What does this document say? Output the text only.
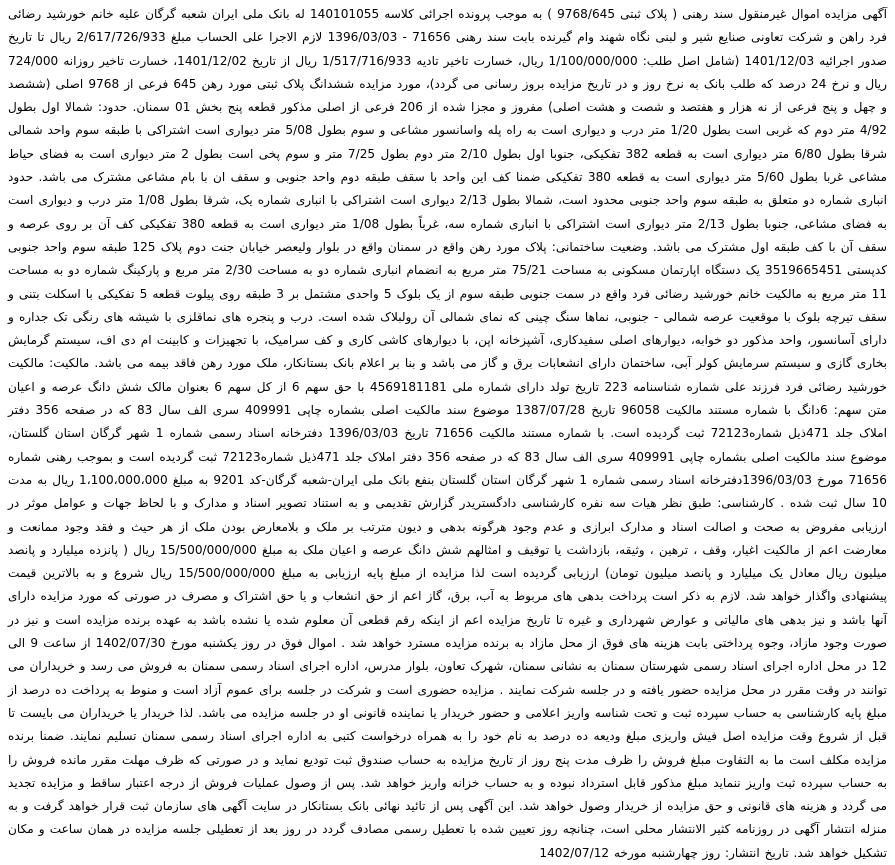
آگهی مزایده اموال غیرمنقول سند رهنی ( پلاک ثبتی 9768/645 ) به موجب پرونده اجرائی کلاسه 140101055 له بانک ملی ایران شعبه گرگان علیه خانم خورشید رضائی فرد راهن و شرکت تعاونی صنایع شیر و لبنی نگاه شهند وام گیرنده بابت سند رهنی 71656 - 1396/03/03 لازم الاجرا علی الحساب مبلغ 2/617/726/933 ریال تا تاریخ صدور اجرائیه 1401/12/03 (شامل اصل طلب: 1/100/000/000 ریال، خسارت تاخیر تادیه 1/517/716/933 ریال از تاریخ 1401/12/02، خسارت تاخیر روزانه 724/000 ریال و نرخ 24 درصد که طلب بانک به نرخ روز و در تاریخ مزایده بروز رسانی می گردد)، مورد مزایده ششدانگ پلاک ثبتی مورد رهن 645 فرعی از 9768 اصلی (ششصد و چهل و پنج فرعی از نه هزار و هفتصد و شصت و هشت اصلی) مفروز و مجزا شده از 206 فرعی از اصلی مذکور قطعه پنج بخش 01 سمنان. حدود: شمالا اول بطول 4/92 متر دوم که غربی است بطول 1/20 متر درب و دیواری است به راه پله واسانسور مشاعی و سوم بطول 5/08 متر دیواری است اشتراکی با طبقه سوم واحد شمالی شرقا بطول 6/80 متر دیواری است به قطعه 382 تفکیکی، جنوبا اول بطول 2/10 متر دوم بطول 7/25 متر و سوم پخی است بطول 2 متر دیواری است به فضای حیاط مشاعی غربا بطول 5/60 متر دیواری است به قطعه 380 تفکیکی ضمنا کف این واحد با سقف طبقه دوم واحد جنوبی و سقف ان با بام مشاعی مشترک می باشد. حدود انباری شماره دو متعلق به طبقه سوم واحد جنوبی محدود است، شمالا بطول 2/13 دیواری است اشتراکی با انباری شماره یک، شرقا بطول 1/08 متر درب و دیواری است به فضای مشاعی، جنوبا بطول 2/13 متر دیواری است اشتراکی با انباری شماره سه، غرباً بطول 1/08 متر دیواری است به قطعه 380 تفکیکی کف آن بر روی عرصه و سقف آن با کف طبقه اول مشترک می باشد. وضعیت ساختمانی: پلاک مورد رهن واقع در سمنان واقع در بلوار ولیعصر خیابان جنت دوم پلاک 125 طبقه سوم واحد جنوبی کدپستی 3519665451 یک دستگاه اپارتمان مسکونی به مساحت 75/21 متر مربع به انضمام انباری شماره دو به مساحت 2/30 متر مربع و پارکینگ شماره دو به مساحت 11 متر مربع به مالکیت خانم خورشید رضائی فرد واقع در سمت جنوبی طبقه سوم از یک بلوک 5 واحدی مشتمل بر 3 طبقه روی پیلوت قطعه 5 تفکیکی با اسکلت بتنی و سقف تیرچه بلوک با موقعیت عرصه شمالی - جنوبی، نماها سنگ چینی که نمای شمالی آن رولبلاک شده است. درب و پنجره های نماقلزی با شیشه های رنگی تک جداره و دارای آسانسور، واحد مذکور دو خوابه، دیوارهای اصلی سفیدکاری، آشپزخانه اپن، با دیوارهای کاشی کاری و کف سرامیک، با تجهیزات و کابینت ام دی اف، سیستم گرمایش بخاری گازی و سیستم سرمایش کولر آبی، ساختمان دارای انشعابات برق و گاز می باشد و بنا بر اعلام بانک بستانکار، ملک مورد رهن فاقد بیمه می باشد. مالکیت: مالکیت خورشید رضائی فرد فرزند علی شماره شناسنامه 223 تاریخ تولد دارای شماره ملی 4569181181 با حق سهم 6 از کل سهم 6 بعنوان مالک شش دانگ عرصه و اعیان متن سهم: 6دانگ با شماره مستند مالکیت 96058 تاریخ 1387/07/28 موضوع سند مالکیت اصلی بشماره چاپی 409991 سری الف سال 83 که در صفحه 356 دفتر املاک جلد 471ذیل شماره72123 ثبت گردیده است. با شماره مستند مالکیت 71656 تاریخ 1396/03/03 دفترخانه اسناد رسمی شماره 1 شهر گرگان استان گلستان، موضوع سند مالکیت اصلی بشماره چاپی 409991 سری الف سال 83 که در صفحه 356 دفتر املاک جلد 471ذیل شماره72123 ثبت گردیده است و بموجب رهنی شماره 71656 مورخ 1396/03/03دفترخانه اسناد رسمی شماره 1 شهر گرگان استان گلستان بنفع بانک ملی ایران-شعبه گرگان-کد 9201 به مبلغ 1،100،000،000 ریال به مدت 10 سال ثبت شده . کارشناسی: طبق نظر هیات سه نفره کارشناسی دادگستریدر گزارش تقدیمی و به استناد تصویر اسناد و مدارک و با لحاظ جهات و عوامل موثر در ارزیابی مفروض به صحت و اصالت اسناد و مدارک ابرازی و عدم وجود هرگونه بدهی و دیون مترتب بر ملک و بلامعارض بودن ملک از هر حیث و فقد وجود ممانعت و معارضت اعم از مالکیت اغیار، وقف ، ترهین ، وثیقه، بازداشت یا توقیف و امثالهم شش دانگ عرصه و اعیان ملک به مبلغ 15/500/000/000 ریال ( پانزده میلیارد و پانصد میلیون ریال معادل یک میلیارد و پانصد میلیون تومان) ارزیابی گردیده است لذا مزایده از مبلغ پایه ارزیابی به مبلغ 15/500/000/000 ریال شروع و به بالاترین قیمت پیشنهادی واگذار خواهد شد. لازم به ذکر است پرداخت بدهی های مربوط به آب، برق، گاز اعم از حق انشعاب و یا حق اشتراک و مصرف در صورتی که مورد مزایده دارای آنها باشد و نیز بدهی های مالیاتی و عوارض شهرداری و غیره تا تاریخ مزایده اعم از اینکه رقم قطعی آن معلوم شده یا نشده باشد به عهده برنده مزایده است و نیز در صورت وجود مازاد، وجوه پرداختی بابت هزینه های فوق از محل مازاد به برنده مزایده مسترد خواهد شد . اموال فوق در روز یکشنبه مورخ 1402/07/30 از ساعت 9 الی 12 در محل اداره اجرای اسناد رسمی شهرستان سمنان به نشانی سمنان، شهرک تعاون، بلوار مدرس، اداره اجرای اسناد رسمی سمنان به فروش می رسد و خریداران می توانند در وقت مقرر در محل مزایده حضور یافته و در جلسه شرکت نمایند . مزایده حضوری است و شرکت در جلسه برای عموم آزاد است و منوط به پرداخت ده درصد از مبلغ پایه کارشناسی به حساب سپرده ثبت و تحت شناسه واریز اعلامی و حضور خریدار یا نماینده قانونی او در جلسه مزایده می باشد. لذا خریدار یا خریداران می بایست تا قبل از شروع وقت مزایده اصل فیش واریزی مبلغ ودیعه ده درصد به نام خود را به همراه درخواست کتبی به اداره اجرای اسناد رسمی سمنان تسلیم نمایند. ضمنا برنده مزایده مکلف است ما به التفاوت مبلغ فروش را ظرف مدت پنج روز از تاریخ مزایده به حساب صندوق ثبت تودیع نماید و در صورتی که ظرف مهلت مقرر مانده فروش را به حساب سپرده ثبت واریز ننماید مبلغ مذکور قابل استرداد نبوده و به حساب خزانه واریز خواهد شد. پس از وصول عملیات فروش از درجه اعتبار ساقط و مزایده تجدید می گردد و هزینه های قانونی و حق مزایده از خریدار وصول خواهد شد. این آگهی پس از تائید نهائی بانک بستانکار در سایت آگهی های سازمان ثبت قرار خواهد گرفت و به منزله انتشار آگهی در روزنامه کثیر الانتشار محلی است، چنانچه روز تعیین شده با تعطیل رسمی مصادف گردد در روز بعد از تعطیلی جلسه مزایده در همان ساعت و مکان تشکیل خواهد شد. تاریخ انتشار: روز چهارشنبه مورخه 1402/07/12
